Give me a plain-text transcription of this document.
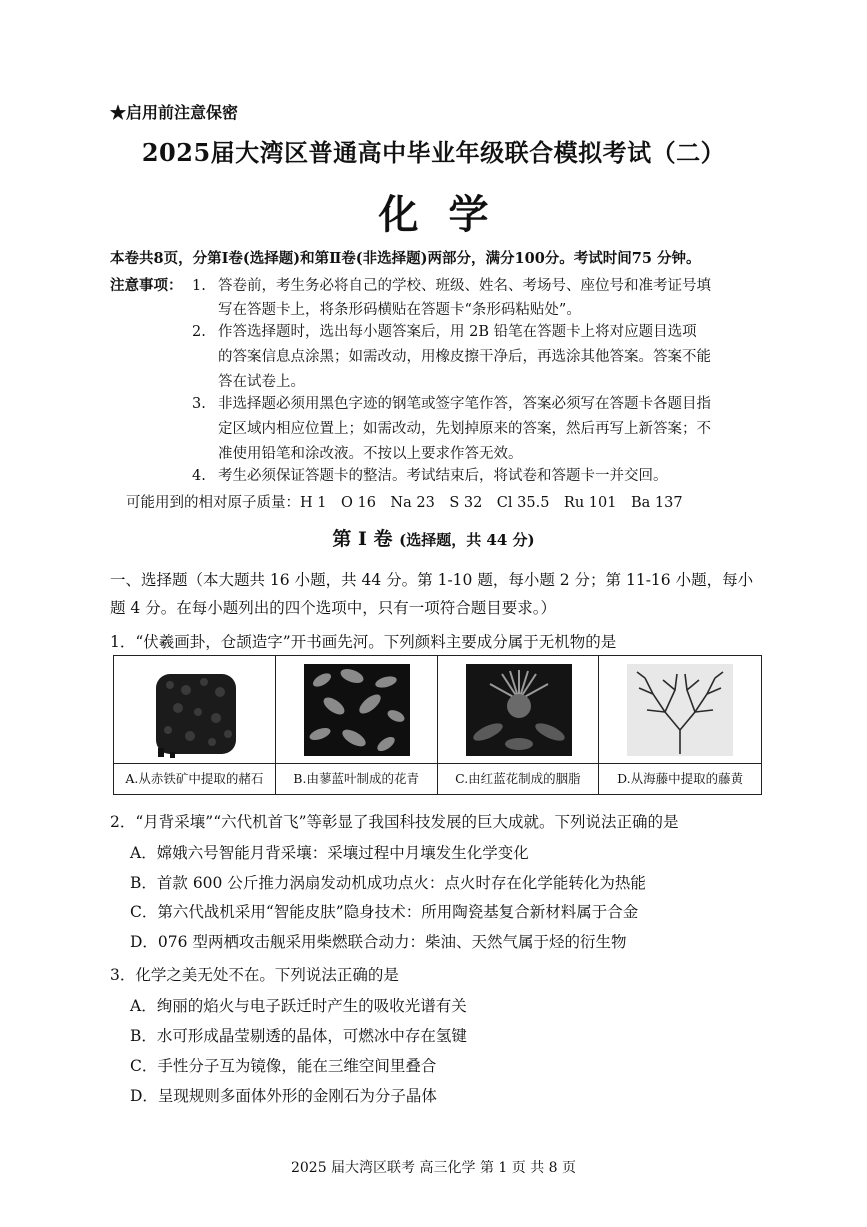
★启用前注意保密
2025届大湾区普通高中毕业年级联合模拟考试（二）
化学
本卷共8页，分第Ⅰ卷(选择题)和第Ⅱ卷(非选择题)两部分，满分100分。考试时间75 分钟。
注意事项： 1. 答卷前，考生务必将自己的学校、班级、姓名、考场号、座位号和准考证号填
写在答题卡上，将条形码横贴在答题卡“条形码粘贴处”。
2. 作答选择题时，选出每小题答案后，用 2B 铅笔在答题卡上将对应题目选项
的答案信息点涂黑；如需改动，用橡皮擦干净后，再选涂其他答案。答案不能
答在试卷上。
3. 非选择题必须用黑色字迹的钢笔或签字笔作答，答案必须写在答题卡各题目指
定区域内相应位置上；如需改动，先划掉原来的答案，然后再写上新答案；不
准使用铅笔和涂改液。不按以上要求作答无效。
4. 考生必须保证答题卡的整洁。考试结束后，将试卷和答题卡一并交回。
可能用到的相对原子质量：H 1　O 16　Na 23　S 32　Cl 35.5　Ru 101　Ba 137
第 I 卷 (选择题，共 44 分)
一、选择题（本大题共 16 小题，共 44 分。第 1-10 题，每小题 2 分；第 11-16 小题，每小
题 4 分。在每小题列出的四个选项中，只有一项符合题目要求。）
1．“伏羲画卦，仓颉造字”开书画先河。下列颜料主要成分属于无机物的是
A.从赤铁矿中提取的赭石	B.由蓼蓝叶制成的花青	C.由红蓝花制成的胭脂	D.从海藤中提取的藤黄
2．“月背采壤”“六代机首飞”等彰显了我国科技发展的巨大成就。下列说法正确的是
A．嫦娥六号智能月背采壤：采壤过程中月壤发生化学变化
B．首款 600 公斤推力涡扇发动机成功点火：点火时存在化学能转化为热能
C．第六代战机采用“智能皮肤”隐身技术：所用陶瓷基复合新材料属于合金
D．076 型两栖攻击舰采用柴燃联合动力：柴油、天然气属于烃的衍生物
3．化学之美无处不在。下列说法正确的是
A．绚丽的焰火与电子跃迁时产生的吸收光谱有关
B．水可形成晶莹剔透的晶体，可燃冰中存在氢键
C．手性分子互为镜像，能在三维空间里叠合
D．呈现规则多面体外形的金刚石为分子晶体
2025 届大湾区联考 高三化学 第 1 页 共 8 页
